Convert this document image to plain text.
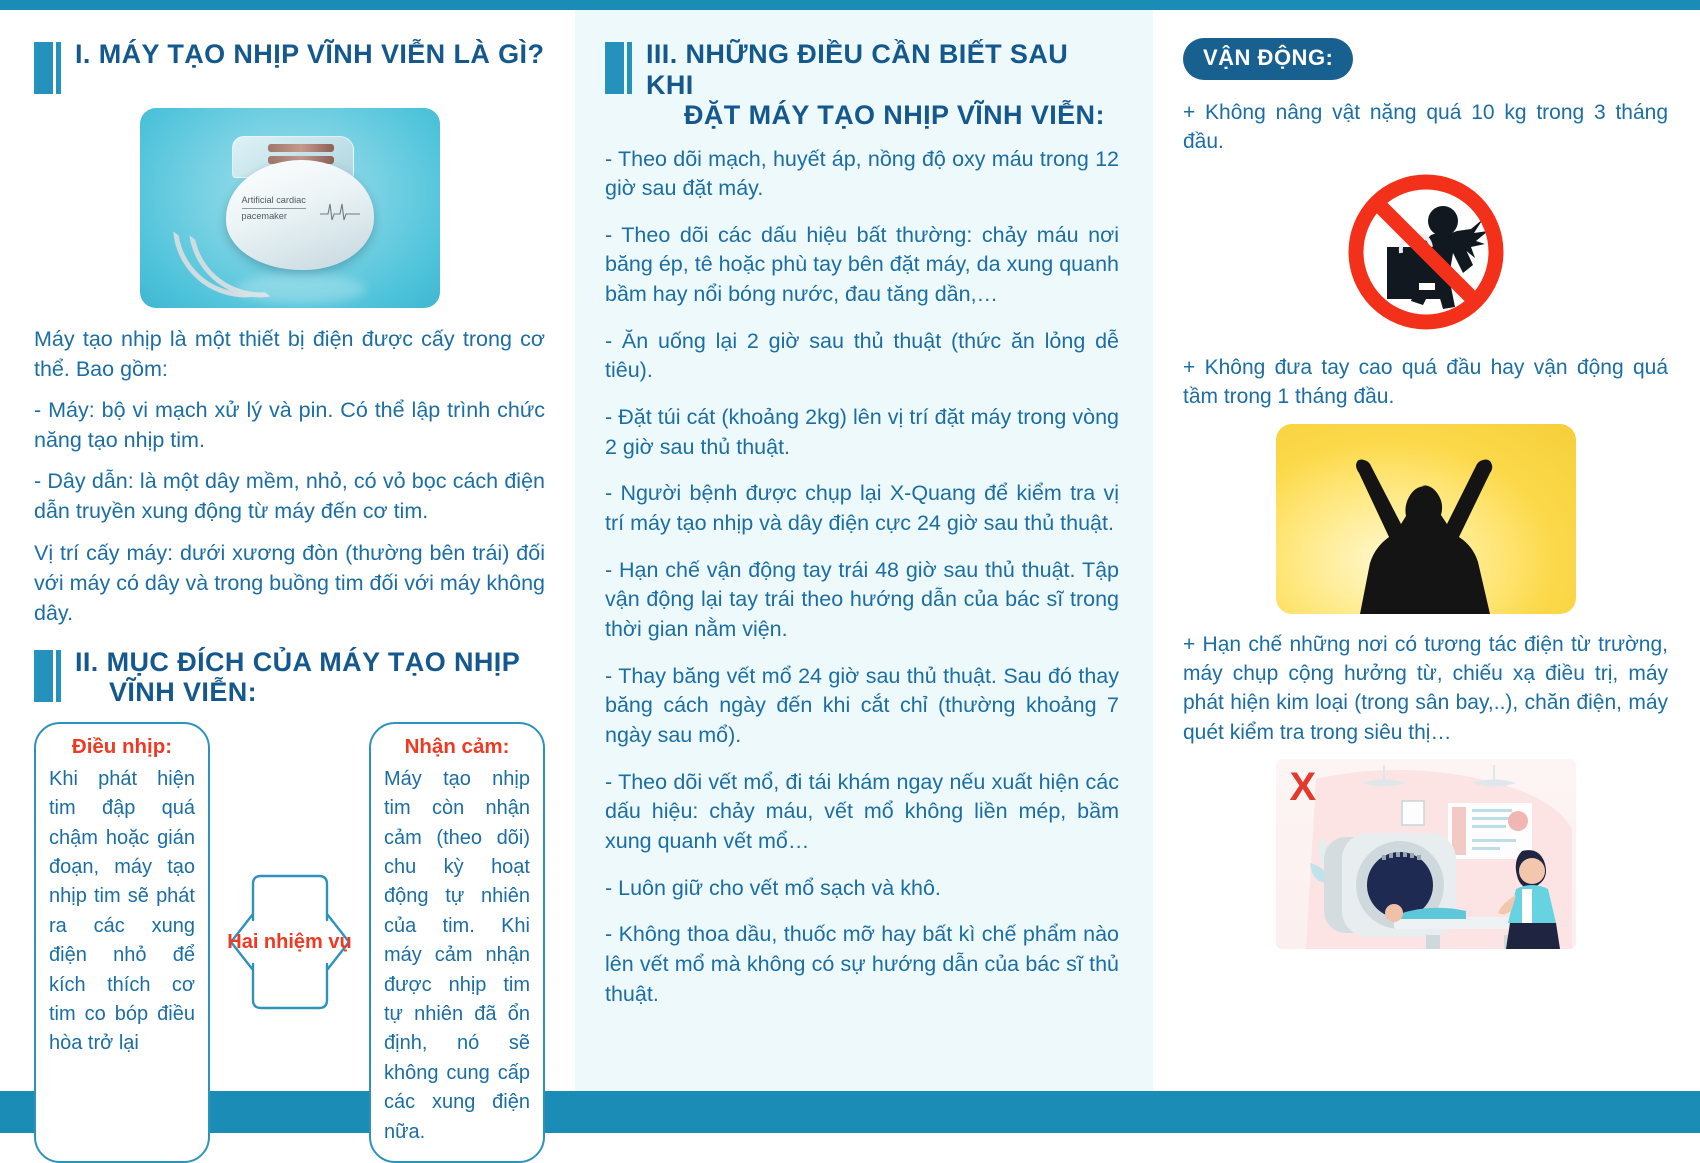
I. MÁY TẠO NHỊP VĨNH VIỄN LÀ GÌ?
Artificial cardiac
pacemaker

Máy tạo nhịp là một thiết bị điện được cấy trong cơ thể. Bao gồm:

- Máy: bộ vi mạch xử lý và pin. Có thể lập trình chức năng tạo nhịp tim.

- Dây dẫn: là một dây mềm, nhỏ, có vỏ bọc cách điện dẫn truyền xung động từ máy đến cơ tim.

Vị trí cấy máy: dưới xương đòn (thường bên trái) đối với máy có dây và trong buồng tim đối với máy không dây.

II. MỤC ĐÍCH CỦA MÁY TẠO NHỊP
VĨNH VIỄN:

Điều nhịp:

Khi phát hiện tim đập quá chậm hoặc gián đoạn, máy tạo nhịp tim sẽ phát ra các xung điện nhỏ để kích thích cơ tim co bóp điều hòa trở lại

Hai nhiệm vụ

Nhận cảm:

Máy tạo nhịp tim còn nhận cảm (theo dõi) chu kỳ hoạt động tự nhiên của tim. Khi máy cảm nhận được nhịp tim tự nhiên đã ổn định, nó sẽ không cung cấp các xung điện nữa.

III. NHỮNG ĐIỀU CẦN BIẾT SAU KHI
ĐẶT MÁY TẠO NHỊP VĨNH VIỄN:

- Theo dõi mạch, huyết áp, nồng độ oxy máu trong 12 giờ sau đặt máy.

- Theo dõi các dấu hiệu bất thường: chảy máu nơi băng ép, tê hoặc phù tay bên đặt máy, da xung quanh bầm hay nổi bóng nước, đau tăng dần,…

- Ăn uống lại 2 giờ sau thủ thuật (thức ăn lỏng dễ tiêu).

- Đặt túi cát (khoảng 2kg) lên vị trí đặt máy trong vòng 2 giờ sau thủ thuật.

- Người bệnh được chụp lại X-Quang để kiểm tra vị trí máy tạo nhịp và dây điện cực 24 giờ sau thủ thuật.

- Hạn chế vận động tay trái 48 giờ sau thủ thuật. Tập vận động lại tay trái theo hướng dẫn của bác sĩ trong thời gian nằm viện.

- Thay băng vết mổ 24 giờ sau thủ thuật. Sau đó thay băng cách ngày đến khi cắt chỉ (thường khoảng 7 ngày sau mổ).

- Theo dõi vết mổ, đi tái khám ngay nếu xuất hiện các dấu hiệu: chảy máu, vết mổ không liền mép, bầm xung quanh vết mổ…

- Luôn giữ cho vết mổ sạch và khô.

- Không thoa dầu, thuốc mỡ hay bất kì chế phẩm nào lên vết mổ mà không có sự hướng dẫn của bác sĩ thủ thuật.

VẬN ĐỘNG:

+ Không nâng vật nặng quá 10 kg trong 3 tháng đầu.

+ Không đưa tay cao quá đầu hay vận động quá tầm trong 1 tháng đầu.

+ Hạn chế những nơi có tương tác điện từ trường, máy chụp cộng hưởng từ, chiếu xạ điều trị, máy phát hiện kim loại (trong sân bay,..), chăn điện, máy quét kiểm tra trong siêu thị…

X
